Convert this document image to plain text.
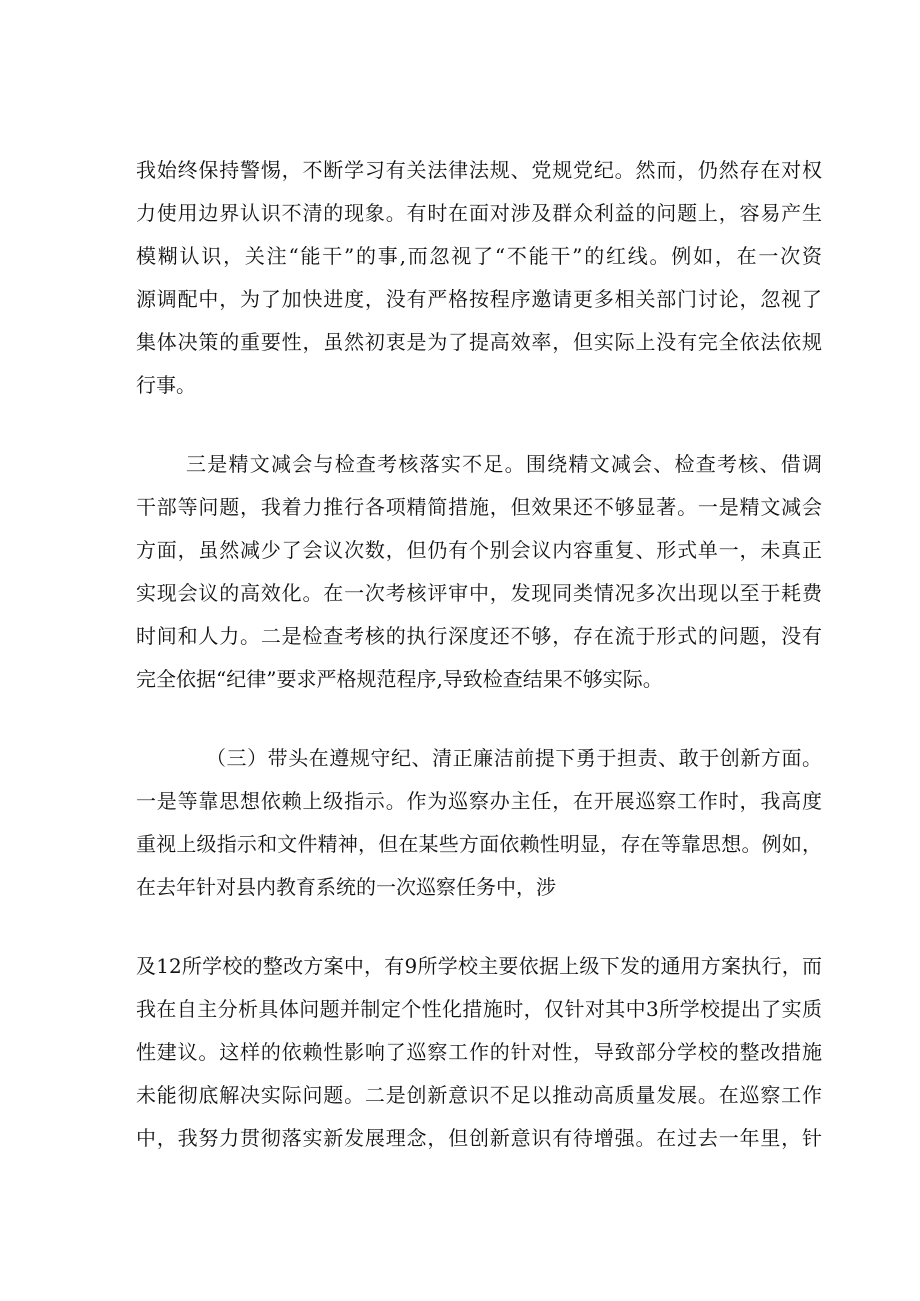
我始终保持警惕，不断学习有关法律法规、党规党纪。然而，仍然存在对权
力使用边界认识不清的现象。有时在面对涉及群众利益的问题上，容易产生
模糊认识，关注“能干”的事,而忽视了“不能干”的红线。例如，在一次资
源调配中，为了加快进度，没有严格按程序邀请更多相关部门讨论，忽视了
集体决策的重要性，虽然初衷是为了提高效率，但实际上没有完全依法依规
行事。
三是精文减会与检查考核落实不足。围绕精文减会、检查考核、借调
干部等问题，我着力推行各项精简措施，但效果还不够显著。一是精文减会
方面，虽然减少了会议次数，但仍有个别会议内容重复、形式单一，未真正
实现会议的高效化。在一次考核评审中，发现同类情况多次出现以至于耗费
时间和人力。二是检查考核的执行深度还不够，存在流于形式的问题，没有
完全依据“纪律”要求严格规范程序,导致检查结果不够实际。
（三）带头在遵规守纪、清正廉洁前提下勇于担责、敢于创新方面。
一是等靠思想依赖上级指示。作为巡察办主任，在开展巡察工作时，我高度
重视上级指示和文件精神，但在某些方面依赖性明显，存在等靠思想。例如，
在去年针对县内教育系统的一次巡察任务中，涉
及12所学校的整改方案中，有9所学校主要依据上级下发的通用方案执行，而
我在自主分析具体问题并制定个性化措施时，仅针对其中3所学校提出了实质
性建议。这样的依赖性影响了巡察工作的针对性，导致部分学校的整改措施
未能彻底解决实际问题。二是创新意识不足以推动高质量发展。在巡察工作
中，我努力贯彻落实新发展理念，但创新意识有待增强。在过去一年里，针
